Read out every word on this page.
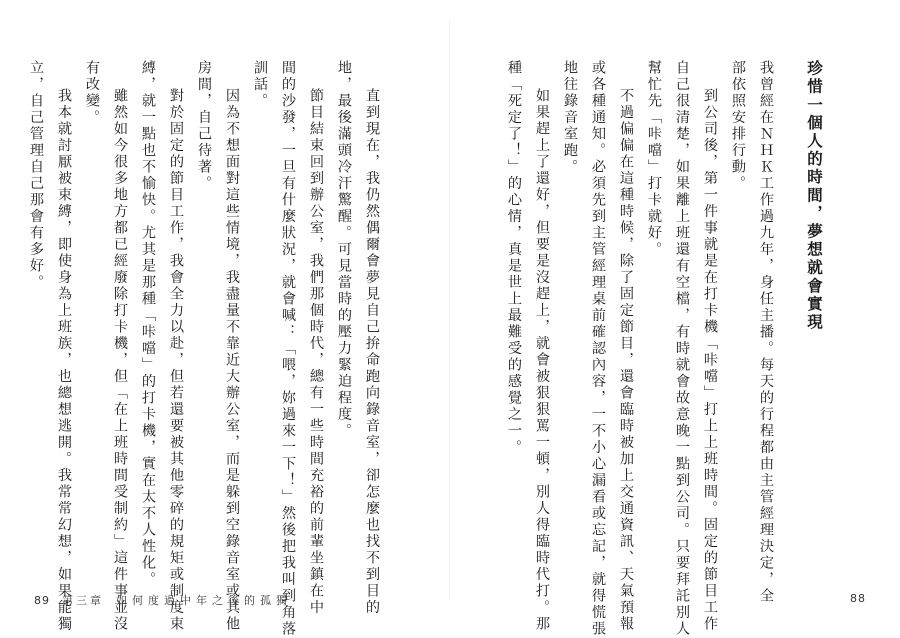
珍惜一個人的時間，夢想就會實現
我曾經在ＮＨＫ工作過九年，身任主播。每天的行程都由主管經理決定，全
部依照安排行動。
到公司後，第一件事就是在打卡機「咔噹」打上上班時間。固定的節目工作
自己很清楚，如果離上班還有空檔，有時就會故意晚一點到公司。只要拜託別人
幫忙先「咔噹」打卡就好。
不過偏偏在這種時候，除了固定節目，還會臨時被加上交通資訊、天氣預報
或各種通知。必須先到主管經理桌前確認內容，一不小心漏看或忘記，就得慌張
地往錄音室跑。
如果趕上了還好，但要是沒趕上，就會被狠狠罵一頓，別人得臨時代打。那
種「死定了！」的心情，真是世上最難受的感覺之一。
88
直到現在，我仍然偶爾會夢見自己拚命跑向錄音室，卻怎麼也找不到目的
地，最後滿頭冷汗驚醒。可見當時的壓力緊迫程度。
節目結束回到辦公室，我們那個時代，總有一些時間充裕的前輩坐鎮在中
間的沙發，一旦有什麼狀況，就會喊：「喂，妳過來一下！」然後把我叫到角落
訓話。
因為不想面對這些情境，我盡量不靠近大辦公室，而是躲到空錄音室或其他
房間，自己待著。
對於固定的節目工作，我會全力以赴，但若還要被其他零碎的規矩或制度束
縛，就一點也不愉快。尤其是那種「咔噹」的打卡機，實在太不人性化。
雖然如今很多地方都已經廢除打卡機，但「在上班時間受制約」這件事並沒
有改變。
我本就討厭被束縛，即使身為上班族，也總想逃開。我常常幻想，如果能獨
立，自己管理自己那會有多好。
89 第三章 如何度過中年之後的孤獨
